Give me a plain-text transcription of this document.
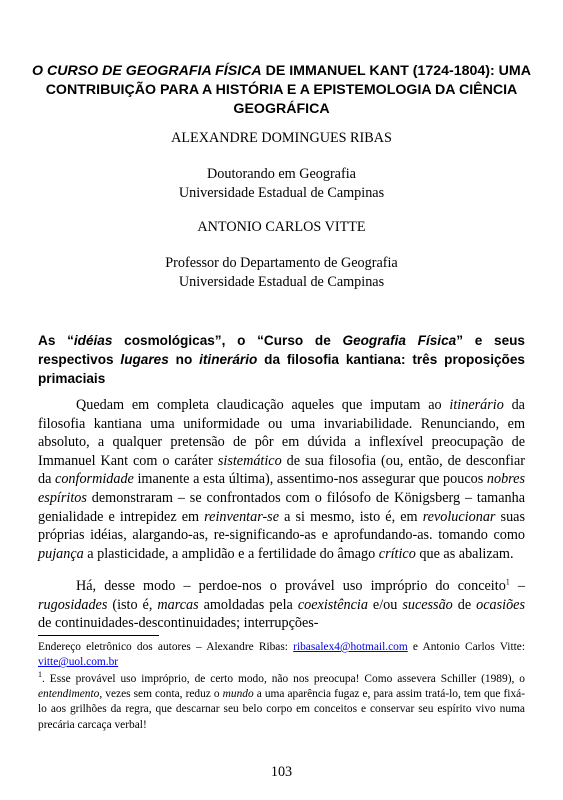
O CURSO DE GEOGRAFIA FÍSICA DE IMMANUEL KANT (1724-1804): UMA CONTRIBUIÇÃO PARA A HISTÓRIA E A EPISTEMOLOGIA DA CIÊNCIA GEOGRÁFICA
ALEXANDRE DOMINGUES RIBAS
Doutorando em Geografia
Universidade Estadual de Campinas
ANTONIO CARLOS VITTE
Professor do Departamento de Geografia
Universidade Estadual de Campinas
As “idéias cosmológicas”, o “Curso de Geografia Física” e seus respectivos lugares no itinerário da filosofia kantiana: três proposições primaciais
Quedam em completa claudicação aqueles que imputam ao itinerário da filosofia kantiana uma uniformidade ou uma invariabilidade. Renunciando, em absoluto, a qualquer pretensão de pôr em dúvida a inflexível preocupação de Immanuel Kant com o caráter sistemático de sua filosofia (ou, então, de desconfiar da conformidade imanente a esta última), assentimo-nos assegurar que poucos nobres espíritos demonstraram – se confrontados com o filósofo de Königsberg – tamanha genialidade e intrepidez em reinventar-se a si mesmo, isto é, em revolucionar suas próprias idéias, alargando-as, re-significando-as e aprofundando-as. tomando como pujança a plasticidade, a amplidão e a fertilidade do âmago crítico que as abalizam.
Há, desse modo – perdoe-nos o provável uso impróprio do conceito$^1$ – rugosidades (isto é, marcas amoldadas pela coexistência e/ou sucessão de ocasiões de continuidades-descontinuidades; interrupções-
Endereço eletrônico dos autores – Alexandre Ribas: ribasalex4@hotmail.com e Antonio Carlos Vitte: vitte@uol.com.br
$^1$. Esse provável uso impróprio, de certo modo, não nos preocupa! Como assevera Schiller (1989), o entendimento, vezes sem conta, reduz o mundo a uma aparência fugaz e, para assim tratá-lo, tem que fixá-lo aos grilhões da regra, que descarnar seu belo corpo em conceitos e conservar seu espírito vivo numa precária carcaça verbal!
103
